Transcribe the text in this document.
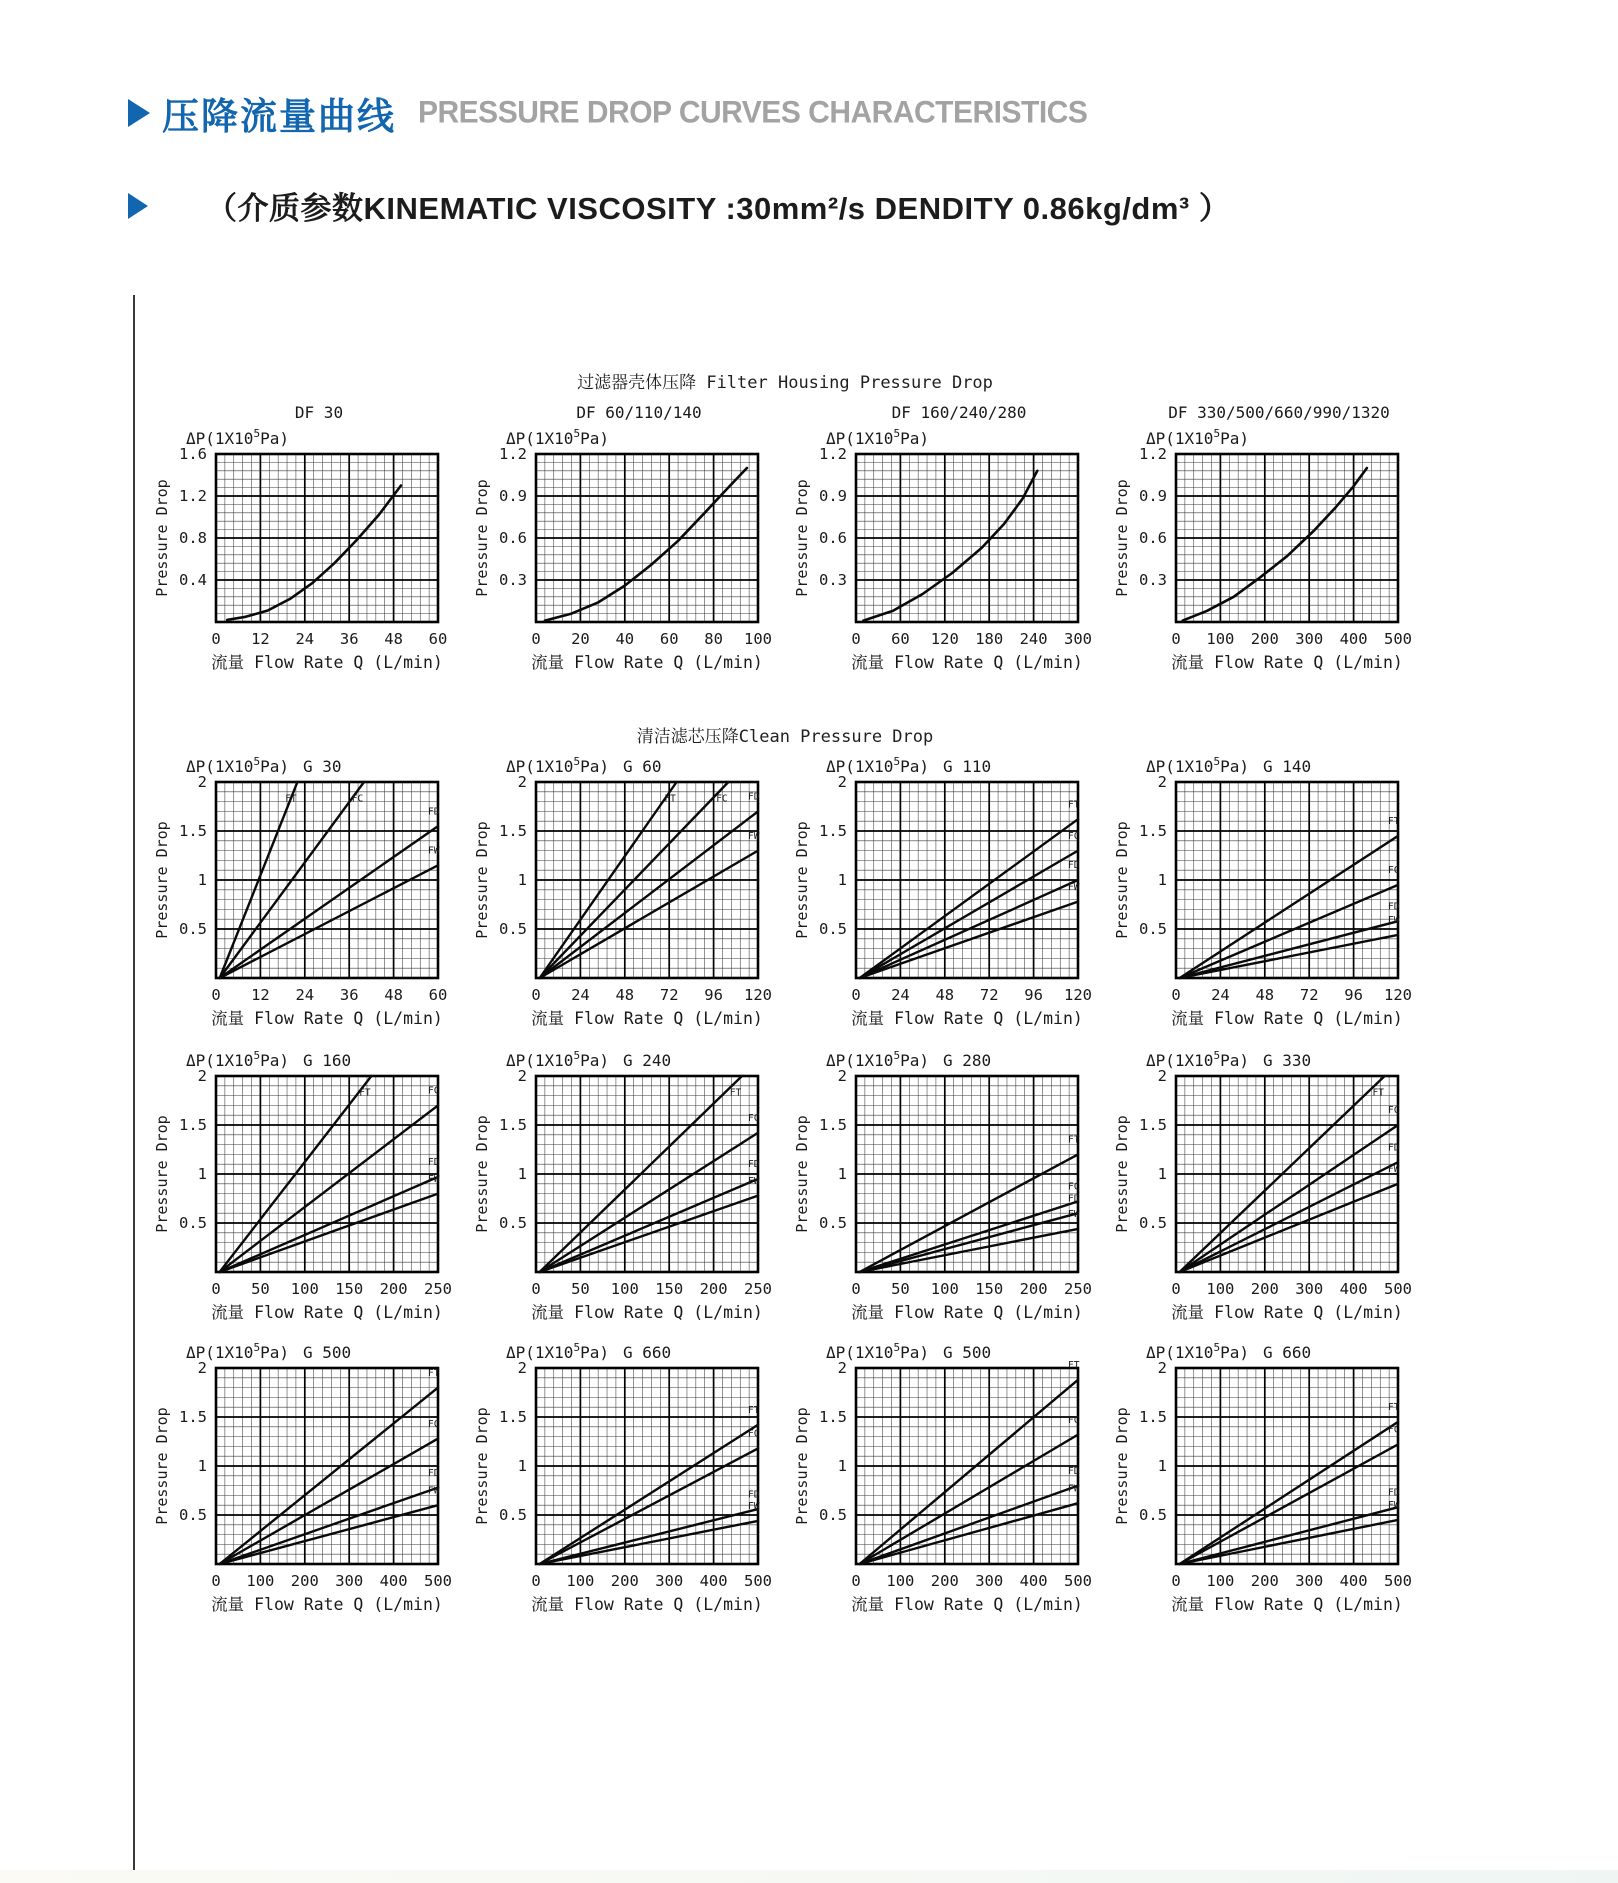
压降流量曲线 PRESSURE DROP CURVES CHARACTERISTICS
（介质参数KINEMATIC VISCOSITY :30mm²/s DENDITY 0.86kg/dm³ ）
过滤器壳体压降 Filter Housing Pressure Drop
清洁滤芯压降Clean Pressure Drop
DF 30
$\Delta P(1X10^5Pa)$
1.6
1.2
0.8
0.4
Pressure Drop
0 12 24 36 48 60
流量 Flow Rate Q (L/min)
DF 60/110/140
$\Delta P(1X10^5Pa)$
1.2
0.9
0.6
0.3
Pressure Drop
0 20 40 60 80 100
流量 Flow Rate Q (L/min)
DF 160/240/280
$\Delta P(1X10^5Pa)$
1.2
0.9
0.6
0.3
Pressure Drop
0 60 120 180 240 300
流量 Flow Rate Q (L/min)
DF 330/500/660/990/1320
$\Delta P(1X10^5Pa)$
1.2
0.9
0.6
0.3
Pressure Drop
0 100 200 300 400 500
流量 Flow Rate Q (L/min)
FT	FC
FD
FW
$\Delta P(1X10^5Pa)$ G 30
2
1.5
1
0.5
Pressure Drop
0 12 24 36 48 60
流量 Flow Rate Q (L/min)
FT	FC FD
FW
$\Delta P(1X10^5Pa)$ G 60
2
1.5
1
0.5
Pressure Drop
0 24 48 72 96 120
流量 Flow Rate Q (L/min)
FT
FC
FD
FW
$\Delta P(1X10^5Pa)$ G 110
2
1.5
1
0.5
Pressure Drop
0 24 48 72 96 120
流量 Flow Rate Q (L/min)
FT
FC
FD
FW
$\Delta P(1X10^5Pa)$ G 140
2
1.5
1
0.5
Pressure Drop
0 24 48 72 96 120
流量 Flow Rate Q (L/min)
FT	FC
FD
FW
$\Delta P(1X10^5Pa)$ G 160
2
1.5
1
0.5
Pressure Drop
0 50 100 150 200 250
流量 Flow Rate Q (L/min)
FT
FC
FD
FW
$\Delta P(1X10^5Pa)$ G 240
2
1.5
1
0.5
Pressure Drop
0 50 100 150 200 250
流量 Flow Rate Q (L/min)
FT
FC
FD
FW
$\Delta P(1X10^5Pa)$ G 280
2
1.5
1
0.5
Pressure Drop
0 50 100 150 200 250
流量 Flow Rate Q (L/min)
FT
FC
FD
FW
$\Delta P(1X10^5Pa)$ G 330
2
1.5
1
0.5
Pressure Drop
0 100 200 300 400 500
流量 Flow Rate Q (L/min)
FT
FC
FD
FW
$\Delta P(1X10^5Pa)$ G 500
2
1.5
1
0.5
Pressure Drop
0 100 200 300 400 500
流量 Flow Rate Q (L/min)
FT
FC
FD
FW
$\Delta P(1X10^5Pa)$ G 660
2
1.5
1
0.5
Pressure Drop
0 100 200 300 400 500
流量 Flow Rate Q (L/min)
FT
FC
FD
FW
$\Delta P(1X10^5Pa)$ G 500
2
1.5
1
0.5
Pressure Drop
0 100 200 300 400 500
流量 Flow Rate Q (L/min)
FT
FC
FD
FW
$\Delta P(1X10^5Pa)$ G 660
2
1.5
1
0.5
Pressure Drop
0 100 200 300 400 500
流量 Flow Rate Q (L/min)
